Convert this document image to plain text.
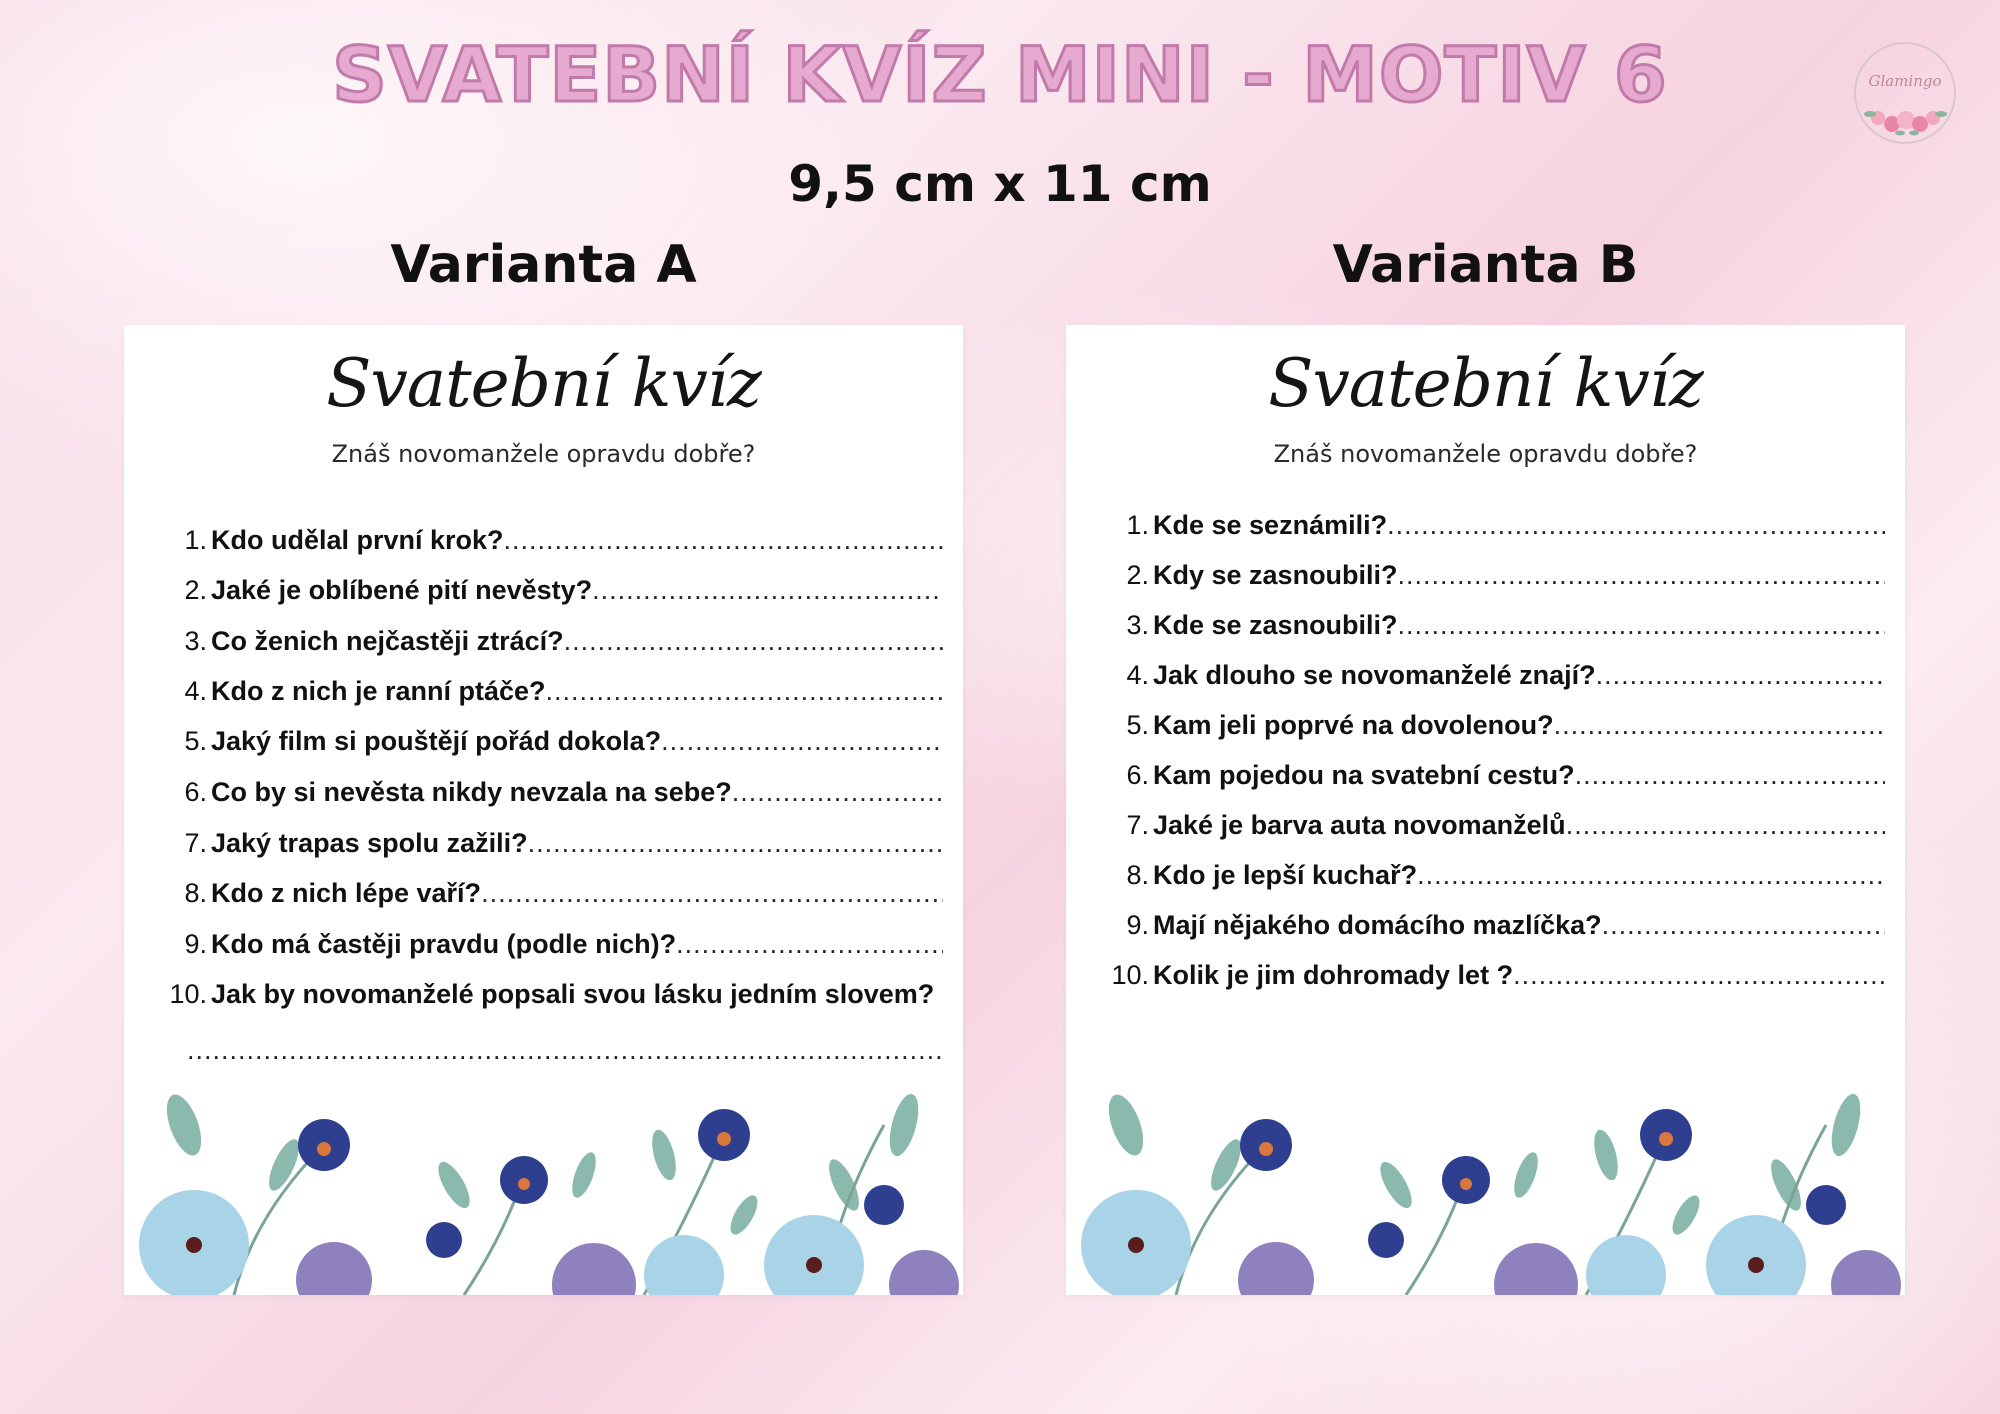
SVATEBNÍ KVÍZ MINI - MOTIV 6	Glamingo
9,5 cm x 11 cm
Varianta A	Varianta B
Svatební kvíz
Znáš novomanžele opravdu dobře?
1. Kdo udělal první krok?
.....
2. Jaké je oblíbené pití nevěsty?
.....
3. Co ženich nejčastěji ztrácí?
.....
4. Kdo z nich je ranní ptáče?
.....
5. Jaký film si pouštějí pořád dokola?
.....
6. Co by si nevěsta nikdy nevzala na sebe?
.....
7. Jaký trapas spolu zažili?
.....
8. Kdo z nich lépe vaří?
.....
9. Kdo má častěji pravdu (podle nich)?
.....
10. Jak by novomanželé popsali svou lásku jedním slovem?
.....
Svatební kvíz
Znáš novomanžele opravdu dobře?
1. Kde se seznámili?
.....
2. Kdy se zasnoubili?
.....
3. Kde se zasnoubili?
.....
4. Jak dlouho se novomanželé znají?
.....
5. Kam jeli poprvé na dovolenou?
.....
6. Kam pojedou na svatební cestu?
.....
7. Jaké je barva auta novomanželů
.....
8. Kdo je lepší kuchař?
.....
9. Mají nějakého domácího mazlíčka?
.....
10. Kolik je jim dohromady let ?
.....
